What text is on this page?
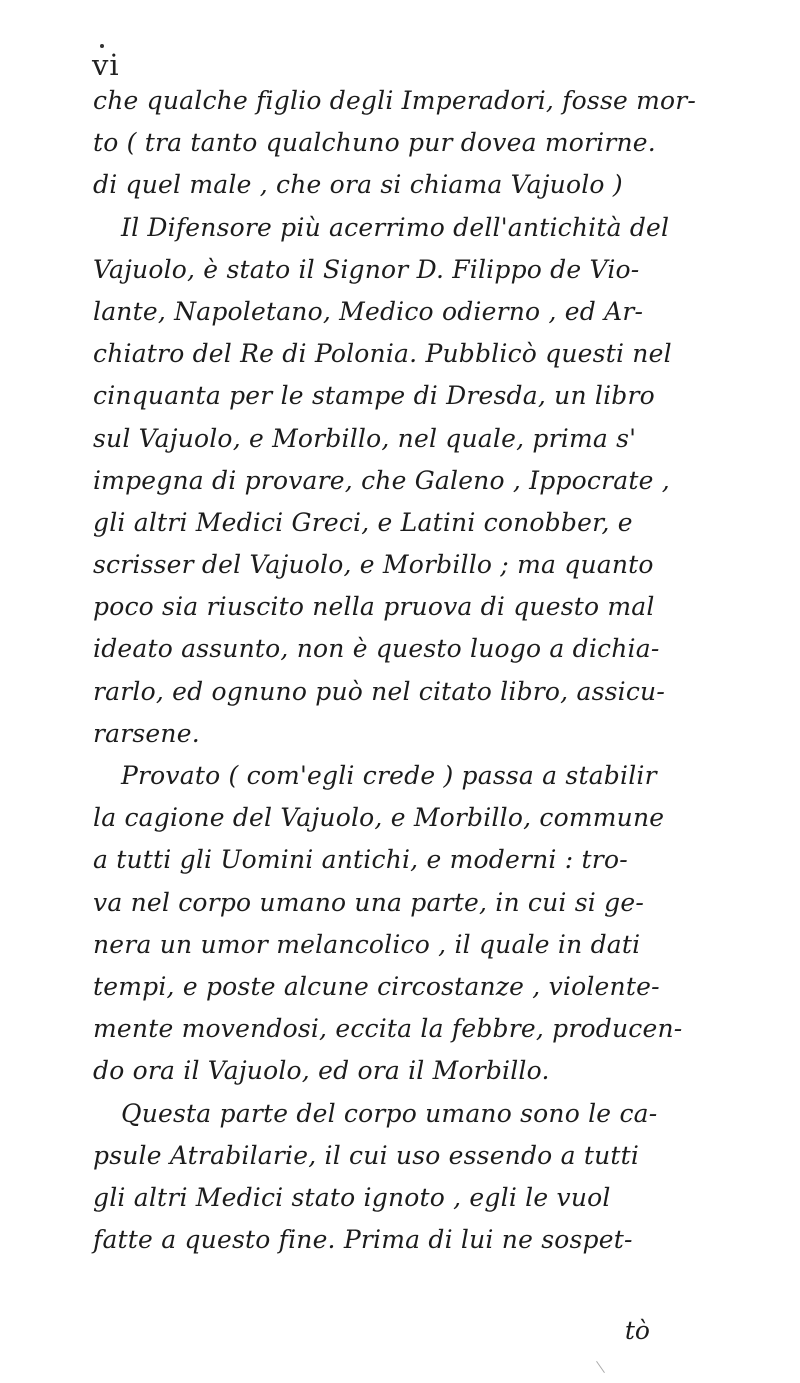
vi
che qualche figlio degli Imperadori, fosse mor-
to ( tra tanto qualchuno pur dovea morirne.
di quel male , che ora si chiama Vajuolo )
Il Difensore più acerrimo dell'antichità del
Vajuolo, è stato il Signor D. Filippo de Vio-
lante, Napoletano, Medico odierno , ed Ar-
chiatro del Re di Polonia. Pubblicò questi nel
cinquanta per le stampe di Dresda, un libro
sul Vajuolo, e Morbillo, nel quale, prima s'
impegna di provare, che Galeno , Ippocrate ,
gli altri Medici Greci, e Latini conobber, e
scrisser del Vajuolo, e Morbillo ; ma quanto
poco sia riuscito nella pruova di questo mal
ideato assunto, non è questo luogo a dichia-
rarlo, ed ognuno può nel citato libro, assicu-
rarsene.
Provato ( com'egli crede ) passa a stabilir
la cagione del Vajuolo, e Morbillo, commune
a tutti gli Uomini antichi, e moderni : tro-
va nel corpo umano una parte, in cui si ge-
nera un umor melancolico , il quale in dati
tempi, e poste alcune circostanze , violente-
mente movendosi, eccita la febbre, producen-
do ora il Vajuolo, ed ora il Morbillo.
Questa parte del corpo umano sono le ca-
psule Atrabilarie, il cui uso essendo a tutti
gli altri Medici stato ignoto , egli le vuol
fatte a questo fine. Prima di lui ne sospet-
tò
